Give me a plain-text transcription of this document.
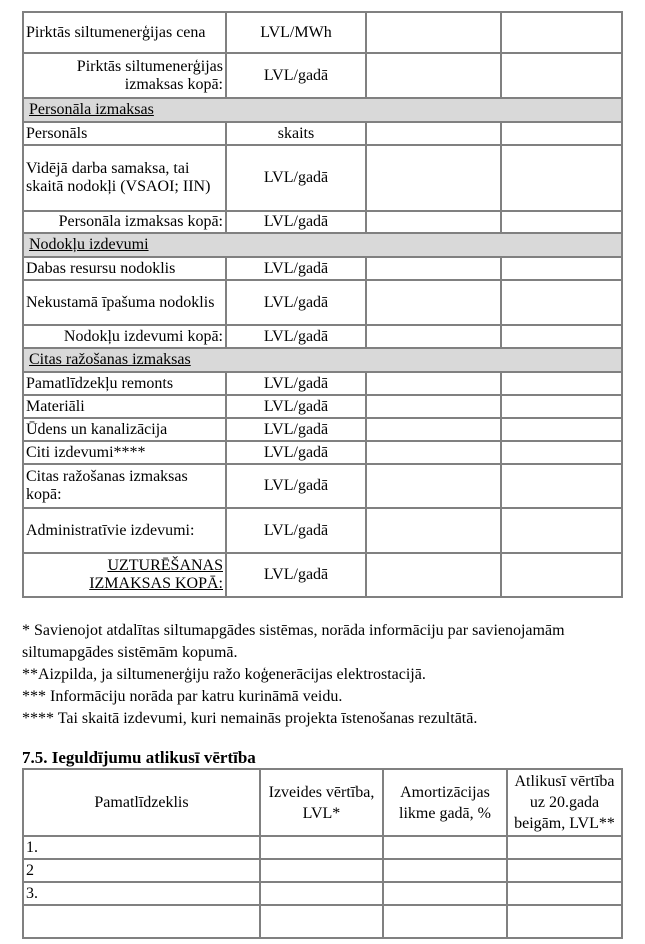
Pirktās siltumenerģijas cena	LVL/MWh		
Pirktās siltumenerģijas izmaksas kopā:	LVL/gadā		
Personāla izmaksas			
Personāls	skaits		
Vidējā darba samaksa, tai skaitā nodokļi (VSAOI; IIN)	LVL/gadā		
Personāla izmaksas kopā:	LVL/gadā		
Nodokļu izdevumi			
Dabas resursu nodoklis	LVL/gadā		
Nekustamā īpašuma nodoklis	LVL/gadā		
Nodokļu izdevumi kopā:	LVL/gadā		
Citas ražošanas izmaksas			
Pamatlīdzekļu remonts	LVL/gadā		
Materiāli	LVL/gadā		
Ūdens un kanalizācija	LVL/gadā		
Citi izdevumi****	LVL/gadā		
Citas ražošanas izmaksas kopā:	LVL/gadā		
Administratīvie izdevumi:	LVL/gadā		
UZTURĒŠANAS IZMAKSAS KOPĀ:	LVL/gadā		
* Savienojot atdalītas siltumapgādes sistēmas, norāda informāciju par savienojamām siltumapgādes sistēmām kopumā.
**Aizpilda, ja siltumenerģiju ražo koģenerācijas elektrostacijā.
*** Informāciju norāda par katru kurināmā veidu.
**** Tai skaitā izdevumi, kuri nemainās projekta īstenošanas rezultātā.
7.5. Ieguldījumu atlikusī vērtība
Pamatlīdzeklis	Izveides vērtība, LVL*	Amortizācijas likme gadā, %	Atlikusī vērtība uz 20.gada beigām, LVL**
1.			
2			
3.			
